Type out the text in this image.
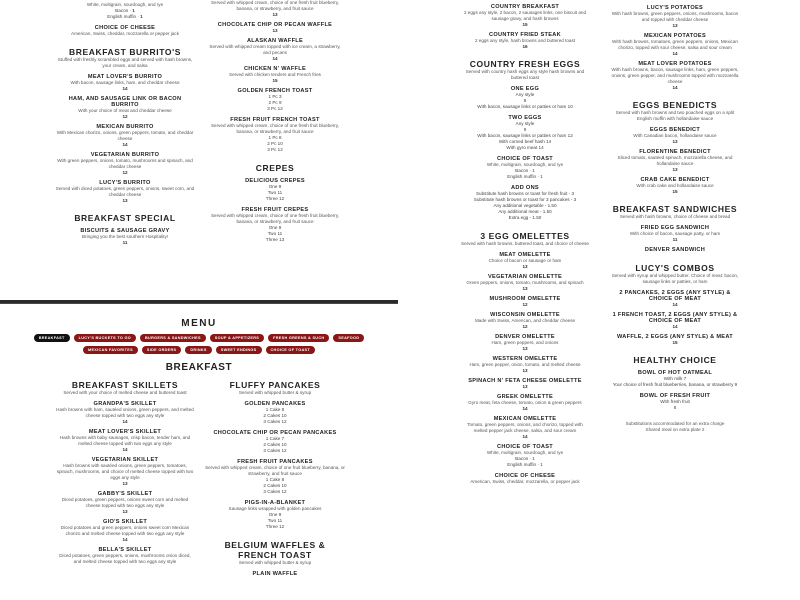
White, multigrain, sourdough, and rye
Bacon · 1
English muffin · 1
CHOICE OF CHEESE
American, Swiss, cheddar, mozzarella or pepper jack
BREAKFAST BURRITO'S
Stuffed with freshly scrambled eggs and served with hash browns, your cream, and salsa
MEAT LOVER'S BURRITO
With bacon, sausage links, ham, and cheddar cheese
14
HAM, AND SAUSAGE LINK OR BACON BURRITO
With your choice of meat and cheddar cheese
12
MEXICAN BURRITO
With Mexican chorizo, onions, green peppers, tomato, and cheddar cheese
14
VEGETARIAN BURRITO
With green peppers, onions, tomato, mushrooms and spinach, and cheddar cheese
12
LUCY'S BURRITO
Served with diced potatoes, green peppers, onions, sweet corn, and cheddar cheese
13
BREAKFAST SPECIAL
BISCUITS & SAUSAGE GRAVY
Bringing you the best southern Hospitality!
11
Served with whipped cream, choice of one fresh fruit blueberry, banana, or strawberry, and fruit sauce
13
CHOCOLATE CHIP OR PECAN WAFFLE
13
ALASKAN WAFFLE
Served with whipped cream topped with ice cream, a strawberry, and pecans
14
CHICKEN N' WAFFLE
Served with chicken tenders and French fries
15
GOLDEN FRENCH TOAST
1 Pc 3
2 Pc 9
3 Pc 12
FRESH FRUIT FRENCH TOAST
Served with whipped cream, choice of one fresh fruit blueberry, banana, or strawberry, and fruit sauce
1 Pc 8
2 Pc 10
3 Pc 12
CREPES
DELICIOUS CREPES
One 9
Two 11
Three 12
FRESH FRUIT CREPES
Served with whipped cream, choice of one fresh fruit blueberry, banana, or strawberry, and fruit sauce
One 9
Two 11
Three 13
MENU
BREAKFAST	LUCY'S BUCKETS TO GO	BURGERS & SANDWICHES	SOUP & APPETIZERS	FRESH GREENS & SUCH	SEAFOOD
MEXICAN FAVORITES	SIDE ORDERS	DRINKS	SWEET ENDINGS	CHOICE OF TOAST
BREAKFAST
BREAKFAST SKILLETS
Served with your choice of melted cheese and buttered toast
GRANDPA'S SKILLET
Hash browns with ham, sautéed onions, green peppers, and melted cheese topped with two eggs any style
14
MEAT LOVER'S SKILLET
Hash browns with baby sausages, crisp bacon, tender ham, and melted cheese topped with two eggs any style
14
VEGETARIAN SKILLET
Hash browns with sautéed onions, green peppers, tomatoes, spinach, mushrooms, and choice of melted cheese topped with two eggs any style
13
GABBY'S SKILLET
Diced potatoes, green peppers, onions sweet corn and melted cheese topped with two eggs any style
13
GIO'S SKILLET
Diced potatoes and green peppers, onions sweet corn Mexican chorizo and melted cheese topped with two eggs any style
14
BELLA'S SKILLET
Diced potatoes, green peppers, onions, mushrooms onion diced, and melted cheese topped with two eggs any style
FLUFFY PANCAKES
Served with whipped butter & syrup
GOLDEN PANCAKES
1 Cake 8
2 Cakes 10
3 Cakes 12
CHOCOLATE CHIP OR PECAN PANCAKES
1 Cake 7
2 Cakes 10
3 Cakes 12
FRESH FRUIT PANCAKES
Served with whipped cream, choice of one fruit blueberry, banana, or strawberry, and fruit sauce
1 Cake 8
2 Cakes 10
3 Cakes 12
PIGS-IN-A-BLANKET
Sausage links wrapped with golden pancakes
One 9
Two 11
Three 12
BELGIUM WAFFLES & FRENCH TOAST
Served with whipped butter & syrup
PLAIN WAFFLE
COUNTRY BREAKFAST
2 eggs any style, 2 bacon, 2 sausages links, one biscuit and sausage gravy, and hash browns
15
COUNTRY FRIED STEAK
2 eggs any style, hash browns and buttered toast
16
COUNTRY FRESH EGGS
Served with country hash eggs any style hash browns and buttered toast
ONE EGG
Any style
8
With bacon, sausage links or patties or ham 10
TWO EGGS
Any style
9
With bacon, sausage links or patties or ham 12
With corned beef hash 14
With gyro meat 14
CHOICE OF TOAST
White, multigrain, sourdough, and rye
Bacon · 1
English muffin · 1
ADD ONS
Substitute hash browns or toast for fresh fruit - 3
Substitute hash browns or toast for 3 pancakes - 3
Any additional vegetable - 1.50
Any additional meat - 1.50
Extra egg - 1.50
3 EGG OMELETTES
Served with hash browns, buttered toast, and choice of cheese
MEAT OMELETTE
Choice of bacon or sausage or ham
13
VEGETARIAN OMELETTE
Green peppers, onions, tomato, mushrooms, and spinach
13
MUSHROOM OMELETTE
12
WISCONSIN OMELETTE
Made with Swiss, American, and cheddar cheese
12
DENVER OMELETTE
Ham, green peppers, and onions
13
WESTERN OMELETTE
Ham, green pepper, onion, tomato, and melted cheese
13
SPINACH N' FETA CHEESE OMELETTE
13
GREEK OMELETTE
Gyro meat, feta cheese, tomato, onion & green peppers
14
MEXICAN OMELETTE
Tomato, green peppers, onions, and chorizo, topped with melted pepper jack cheese, salsa, and sour cream
14
CHOICE OF TOAST
White, multigrain, sourdough, and rye
Bacon · 1
English muffin · 1
CHOICE OF CHEESE
American, Swiss, cheddar, mozzarella, or pepper jack
LUCY'S POTATOES
With hash browns, green peppers, onions, mushrooms, bacon and topped with cheddar cheese
13
MEXICAN POTATOES
With hash browns, tomatoes, green peppers, onions, Mexican chorizo, topped with sour cheese, salsa and sour cream
14
MEAT LOVER POTATOES
With hash browns, bacon, sausage links, ham, green peppers, onions, green pepper, and mushrooms topped with mozzarella cheese
14
EGGS BENEDICTS
Served with hash browns and two poached eggs on a split English muffin with hollandaise sauce
EGGS BENEDICT
With Canadian bacon, hollandaise sauce
13
FLORENTINE BENEDICT
Sliced tomato, sautéed spinach, mozzarella cheese, and hollandaise sauce
13
CRAB CAKE BENEDICT
With crab cake and hollandaise sauce
15
BREAKFAST SANDWICHES
Served with hash browns, choice of cheese and bread
FRIED EGG SANDWICH
With choice of bacon, sausage patty, or ham
11
DENVER SANDWICH
LUCY'S COMBOS
Served with syrup and whipped butter. Choice of meat: bacon, sausage links or patties, or ham
2 PANCAKES, 2 EGGS (ANY STYLE) & CHOICE OF MEAT
14
1 FRENCH TOAST, 2 EGGS (ANY STYLE) & CHOICE OF MEAT
14
WAFFLE, 2 EGGS (ANY STYLE) & MEAT
15
HEALTHY CHOICE
BOWL OF HOT OATMEAL
With milk 7
Your choice of fresh fruit blueberries, banana, or strawberry 9
BOWL OF FRESH FRUIT
With fresh fruit
8
Substitutions accommodated for an extra charge
Shared meal on extra plate 2
